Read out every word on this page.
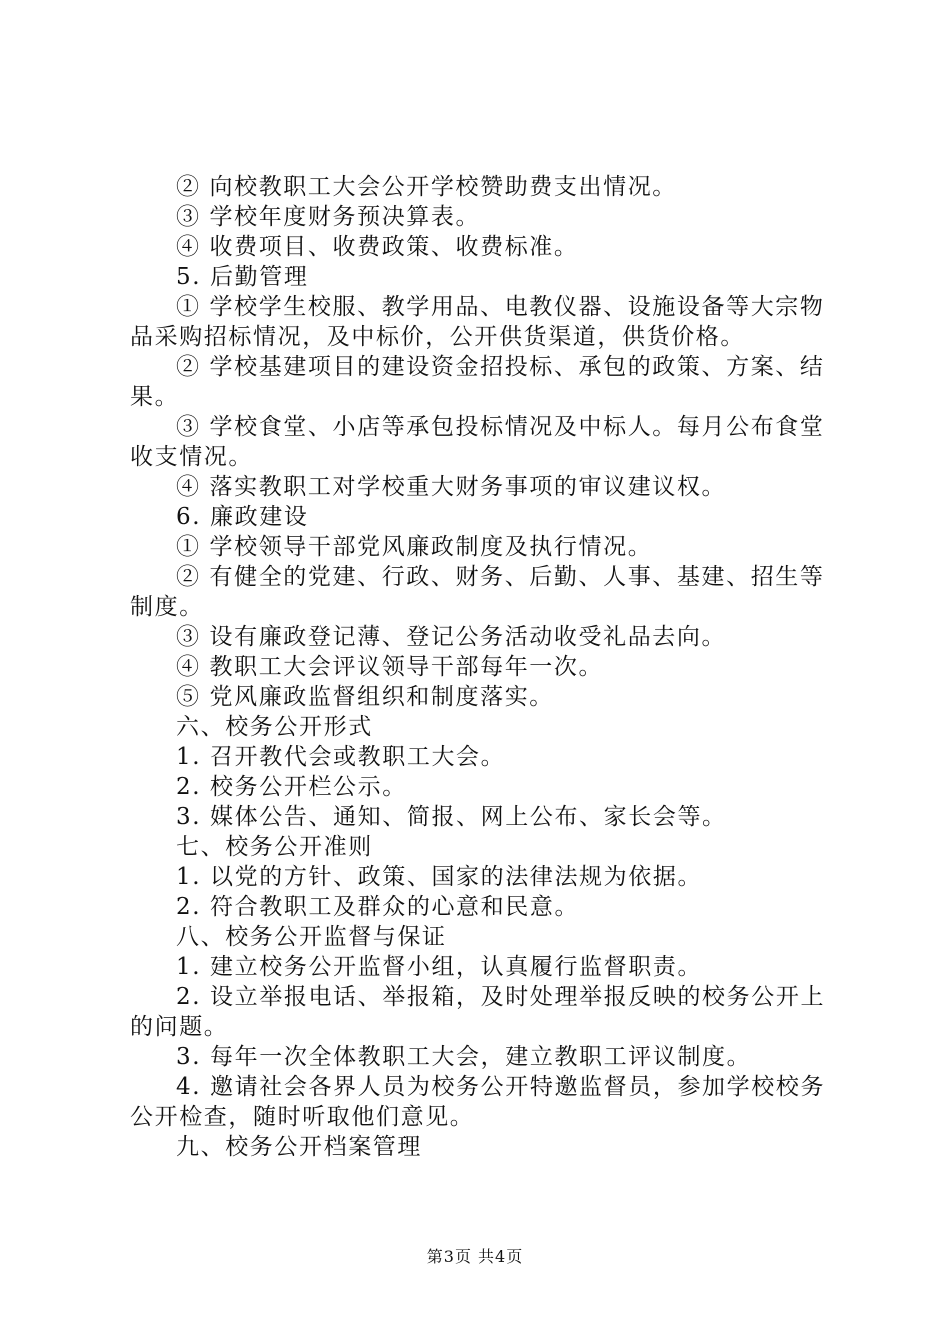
② 向校教职工大会公开学校赞助费支出情况。

③ 学校年度财务预决算表。

④ 收费项目、收费政策、收费标准。

5. 后勤管理

① 学校学生校服、教学用品、电教仪器、设施设备等大宗物品采购招标情况，及中标价，公开供货渠道，供货价格。

② 学校基建项目的建设资金招投标、承包的政策、方案、结果。

③ 学校食堂、小店等承包投标情况及中标人。每月公布食堂收支情况。

④ 落实教职工对学校重大财务事项的审议建议权。

6. 廉政建设

① 学校领导干部党风廉政制度及执行情况。

② 有健全的党建、行政、财务、后勤、人事、基建、招生等制度。

③ 设有廉政登记薄、登记公务活动收受礼品去向。

④ 教职工大会评议领导干部每年一次。

⑤ 党风廉政监督组织和制度落实。

六、校务公开形式

1. 召开教代会或教职工大会。

2. 校务公开栏公示。

3. 媒体公告、通知、简报、网上公布、家长会等。

七、校务公开准则

1. 以党的方针、政策、国家的法律法规为依据。

2. 符合教职工及群众的心意和民意。

八、校务公开监督与保证

1. 建立校务公开监督小组，认真履行监督职责。

2. 设立举报电话、举报箱，及时处理举报反映的校务公开上的问题。

3. 每年一次全体教职工大会，建立教职工评议制度。

4. 邀请社会各界人员为校务公开特邀监督员，参加学校校务公开检查，随时听取他们意见。

九、校务公开档案管理

第3页 共4页
